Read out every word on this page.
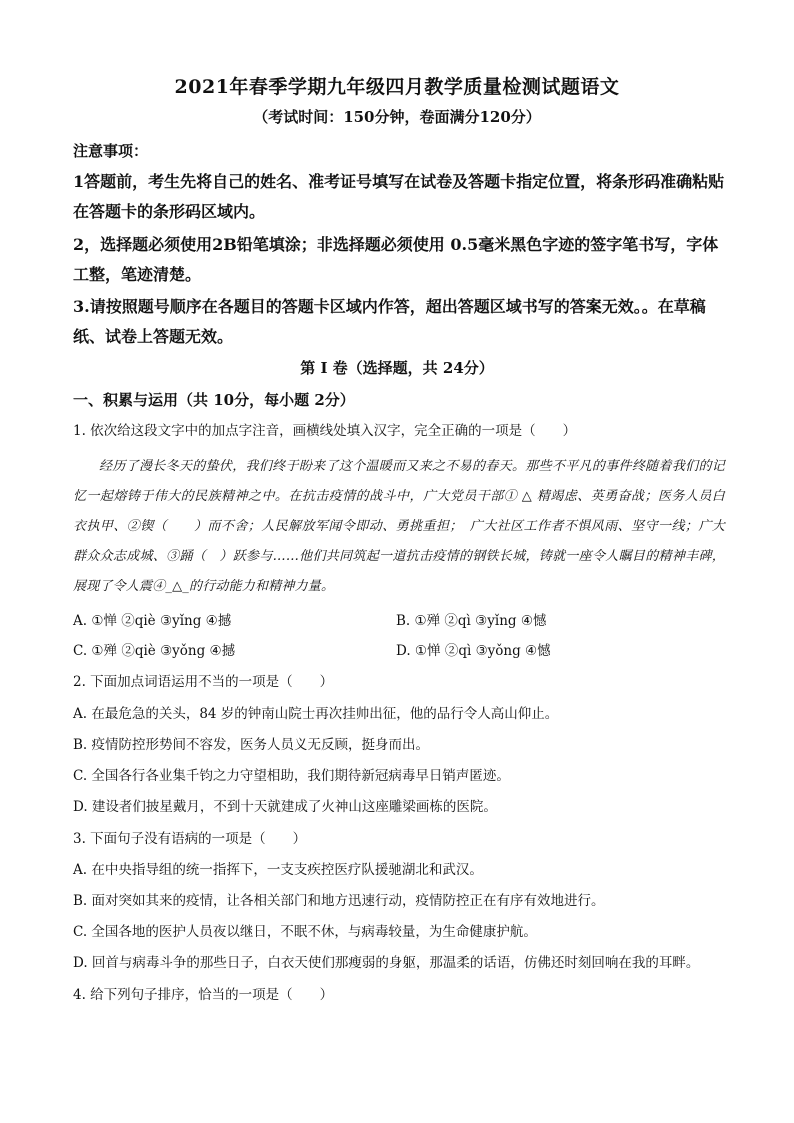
2021年春季学期九年级四月教学质量检测试题语文
（考试时间：150分钟，卷面满分120分）
注意事项：
1答题前，考生先将自己的姓名、准考证号填写在试卷及答题卡指定位置，将条形码准确粘贴在答题卡的条形码区域内。
2，选择题必须使用2B铅笔填涂；非选择题必须使用 0.5毫米黑色字迹的签字笔书写，字体工整，笔迹清楚。
3.请按照题号顺序在各题目的答题卡区域内作答，超出答题区域书写的答案无效。。在草稿纸、试卷上答题无效。
第 I 卷（选择题，共 24分）
一、积累与运用（共 10分，每小题 2分）
1. 依次给这段文字中的加点字注音，画横线处填入汉字，完全正确的一项是（　　）
经历了漫长冬天的蛰伏，我们终于盼来了这个温暖而又来之不易的春天。那些不平凡的事件终随着我们的记忆一起熔铸于伟大的民族精神之中。在抗击疫情的战斗中，广大党员干部① △ 精竭虑、英勇奋战；医务人员白衣执甲、②锲（　　）而不舍；人民解放军闻令即动、勇挑重担；　广大社区工作者不惧风雨、坚守一线；广大群众众志成城、③踊（　）跃参与……他们共同筑起一道抗击疫情的钢铁长城，铸就一座令人瞩目的精神丰碑，展现了令人震④_△_的行动能力和精神力量。
A. ①惮 ②qiè ③yǐng ④撼	B. ①殚 ②qì ③yǐng ④憾
C. ①殚 ②qiè ③yǒng ④撼	D. ①惮 ②qì ③yǒng ④憾
2. 下面加点词语运用不当的一项是（　　）
A. 在最危急的关头，84 岁的钟南山院士再次挂帅出征，他的品行令人高山仰止。
B. 疫情防控形势间不容发，医务人员义无反顾，挺身而出。
C. 全国各行各业集千钧之力守望相助，我们期待新冠病毒早日销声匿迹。
D. 建设者们披星戴月，不到十天就建成了火神山这座雕梁画栋的医院。
3. 下面句子没有语病的一项是（　　）
A. 在中央指导组的统一指挥下，一支支疾控医疗队援驰湖北和武汉。
B. 面对突如其来的疫情，让各相关部门和地方迅速行动，疫情防控正在有序有效地进行。
C. 全国各地的医护人员夜以继日，不眠不休，与病毒较量，为生命健康护航。
D. 回首与病毒斗争的那些日子，白衣天使们那瘦弱的身躯，那温柔的话语，仿佛还时刻回响在我的耳畔。
4. 给下列句子排序，恰当的一项是（　　）
